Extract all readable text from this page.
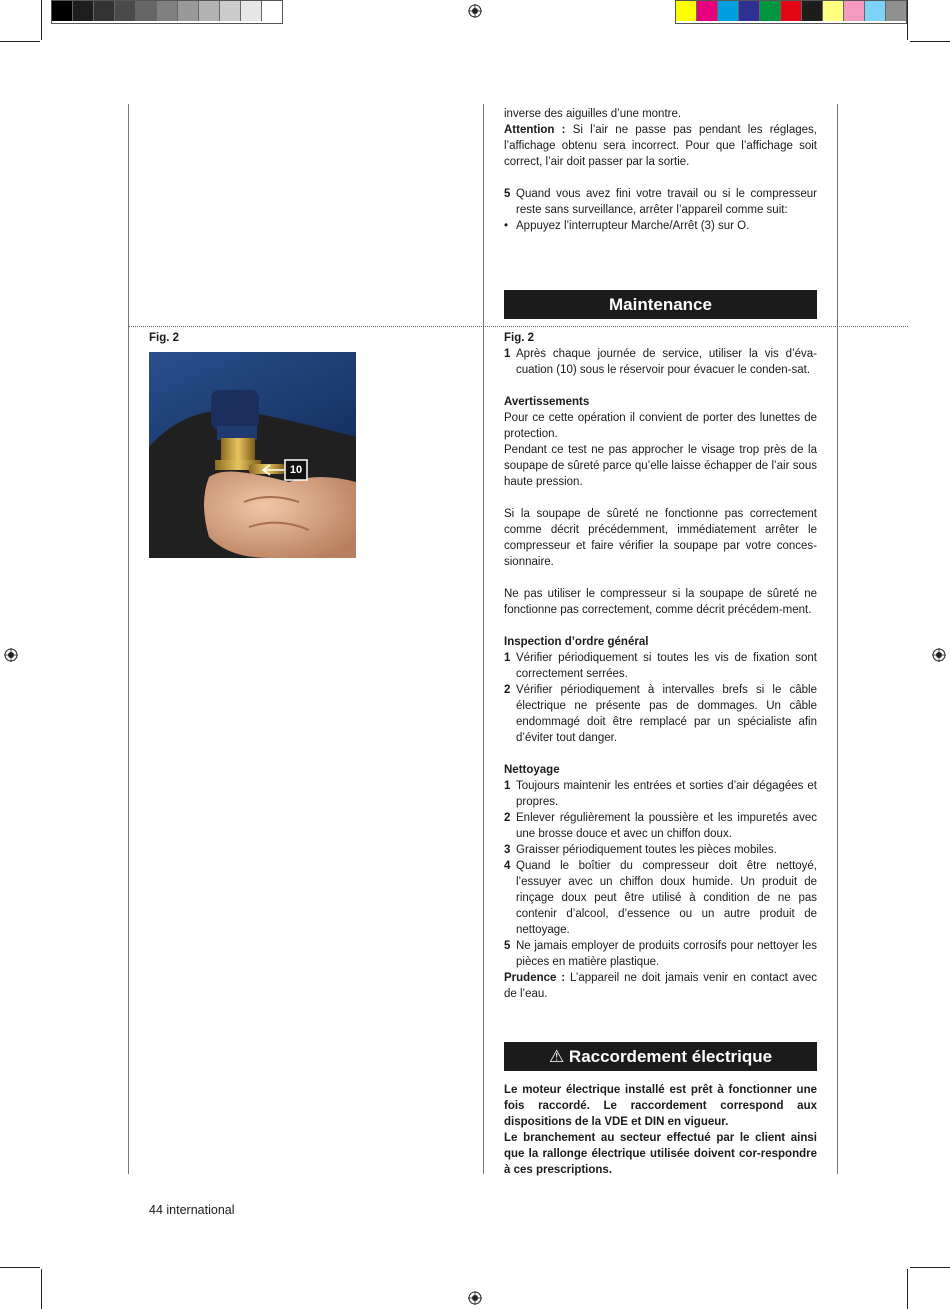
Fig. 2
10

inverse des aiguilles d’une montre.

Attention : Si l’air ne passe pas pendant les réglages, l’affichage obtenu sera incorrect. Pour que l’affichage soit correct, l’air doit passer par la sortie.

5 Quand vous avez fini votre travail ou si le compresseur reste sans surveillance, arrêter l’appareil comme suit:
• Appuyez l’interrupteur Marche/Arrêt (3) sur O.
Maintenance

Fig. 2

1 Après chaque journée de service, utiliser la vis d’éva-cuation (10) sous le réservoir pour évacuer le conden-sat.

Avertissements

Pour ce cette opération il convient de porter des lunettes de protection.

Pendant ce test ne pas approcher le visage trop près de la soupape de sûreté parce qu’elle laisse échapper de l’air sous haute pression.

Si la soupape de sûreté ne fonctionne pas correctement comme décrit précédemment, immédiatement arrêter le compresseur et faire vérifier la soupape par votre conces-sionnaire.

Ne pas utiliser le compresseur si la soupape de sûreté ne fonctionne pas correctement, comme décrit précédem-ment.

Inspection d’ordre général

1 Vérifier périodiquement si toutes les vis de fixation sont correctement serrées.
2 Vérifier périodiquement à intervalles brefs si le câble électrique ne présente pas de dommages. Un câble endommagé doit être remplacé par un spécialiste afin d’éviter tout danger.

Nettoyage

1 Toujours maintenir les entrées et sorties d’air dégagées et propres.
2 Enlever régulièrement la poussière et les impuretés avec une brosse douce et avec un chiffon doux.
3 Graisser périodiquement toutes les pièces mobiles.
4 Quand le boîtier du compresseur doit être nettoyé, l’essuyer avec un chiffon doux humide. Un produit de rinçage doux peut être utilisé à condition de ne pas contenir d’alcool, d’essence ou un autre produit de nettoyage.
5 Ne jamais employer de produits corrosifs pour nettoyer les pièces en matière plastique.

Prudence : L’appareil ne doit jamais venir en contact avec de l’eau.

⚠ Raccordement électrique

Le moteur électrique installé est prêt à fonctionner une fois raccordé. Le raccordement correspond aux dispositions de la VDE et DIN en vigueur.

Le branchement au secteur effectué par le client ainsi que la rallonge électrique utilisée doivent cor-respondre à ces prescriptions.

44 international
